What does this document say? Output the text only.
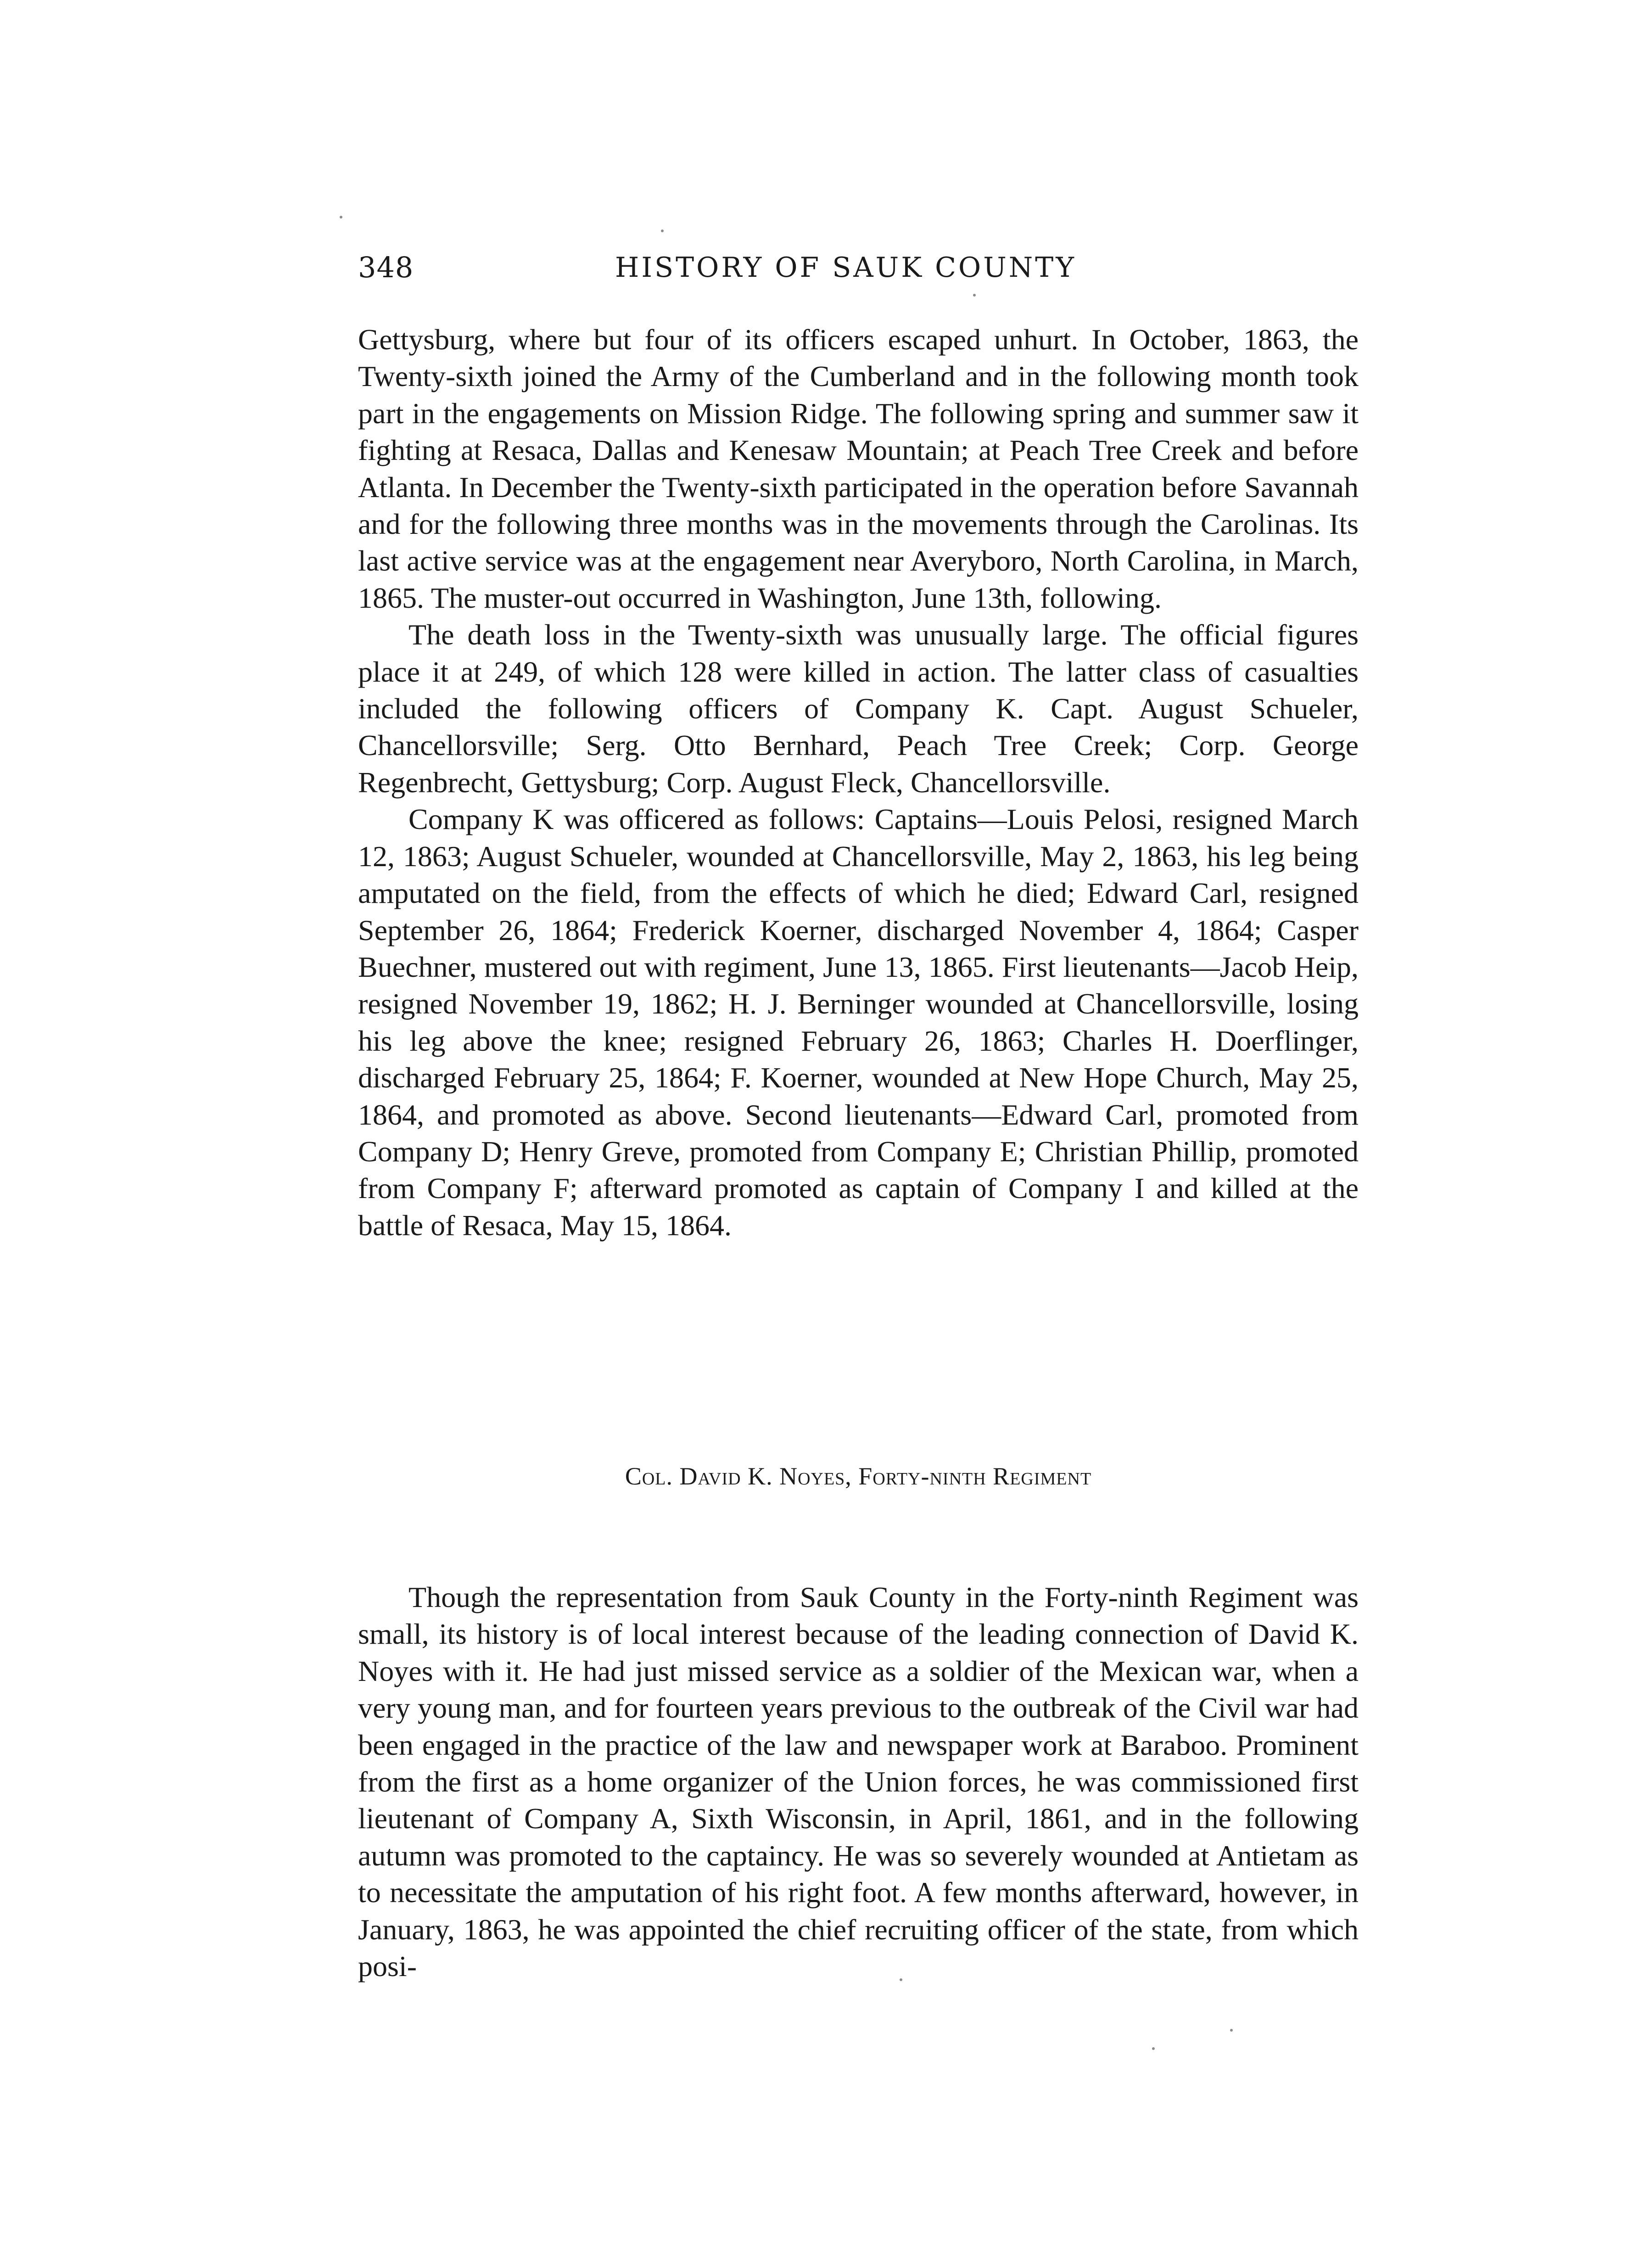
348	HISTORY OF SAUK COUNTY

Gettysburg, where but four of its officers escaped unhurt. In October, 1863, the Twenty-sixth joined the Army of the Cumberland and in the following month took part in the engagements on Mission Ridge. The following spring and summer saw it fighting at Resaca, Dallas and Kenesaw Mountain; at Peach Tree Creek and before Atlanta. In December the Twenty-sixth participated in the operation before Savannah and for the following three months was in the movements through the Carolinas. Its last active service was at the engagement near Averyboro, North Carolina, in March, 1865. The muster-out occurred in Washington, June 13th, following.

The death loss in the Twenty-sixth was unusually large. The official figures place it at 249, of which 128 were killed in action. The latter class of casualties included the following officers of Company K. Capt. August Schueler, Chancellorsville; Serg. Otto Bernhard, Peach Tree Creek; Corp. George Regenbrecht, Gettysburg; Corp. August Fleck, Chancellorsville.

Company K was officered as follows: Captains—Louis Pelosi, resigned March 12, 1863; August Schueler, wounded at Chancellorsville, May 2, 1863, his leg being amputated on the field, from the effects of which he died; Edward Carl, resigned September 26, 1864; Frederick Koerner, discharged November 4, 1864; Casper Buechner, mustered out with regiment, June 13, 1865. First lieutenants—Jacob Heip, resigned November 19, 1862; H. J. Berninger wounded at Chancellorsville, losing his leg above the knee; resigned February 26, 1863; Charles H. Doerflinger, discharged February 25, 1864; F. Koerner, wounded at New Hope Church, May 25, 1864, and promoted as above. Second lieutenants—Edward Carl, promoted from Company D; Henry Greve, promoted from Company E; Christian Phillip, promoted from Company F; afterward promoted as captain of Company I and killed at the battle of Resaca, May 15, 1864.

Col. David K. Noyes, Forty-ninth Regiment

Though the representation from Sauk County in the Forty-ninth Regiment was small, its history is of local interest because of the leading connection of David K. Noyes with it. He had just missed service as a soldier of the Mexican war, when a very young man, and for fourteen years previous to the outbreak of the Civil war had been engaged in the practice of the law and newspaper work at Baraboo. Prominent from the first as a home organizer of the Union forces, he was commissioned first lieutenant of Company A, Sixth Wisconsin, in April, 1861, and in the following autumn was promoted to the captaincy. He was so severely wounded at Antietam as to necessitate the amputation of his right foot. A few months afterward, however, in January, 1863, he was appointed the chief recruiting officer of the state, from which posi-
